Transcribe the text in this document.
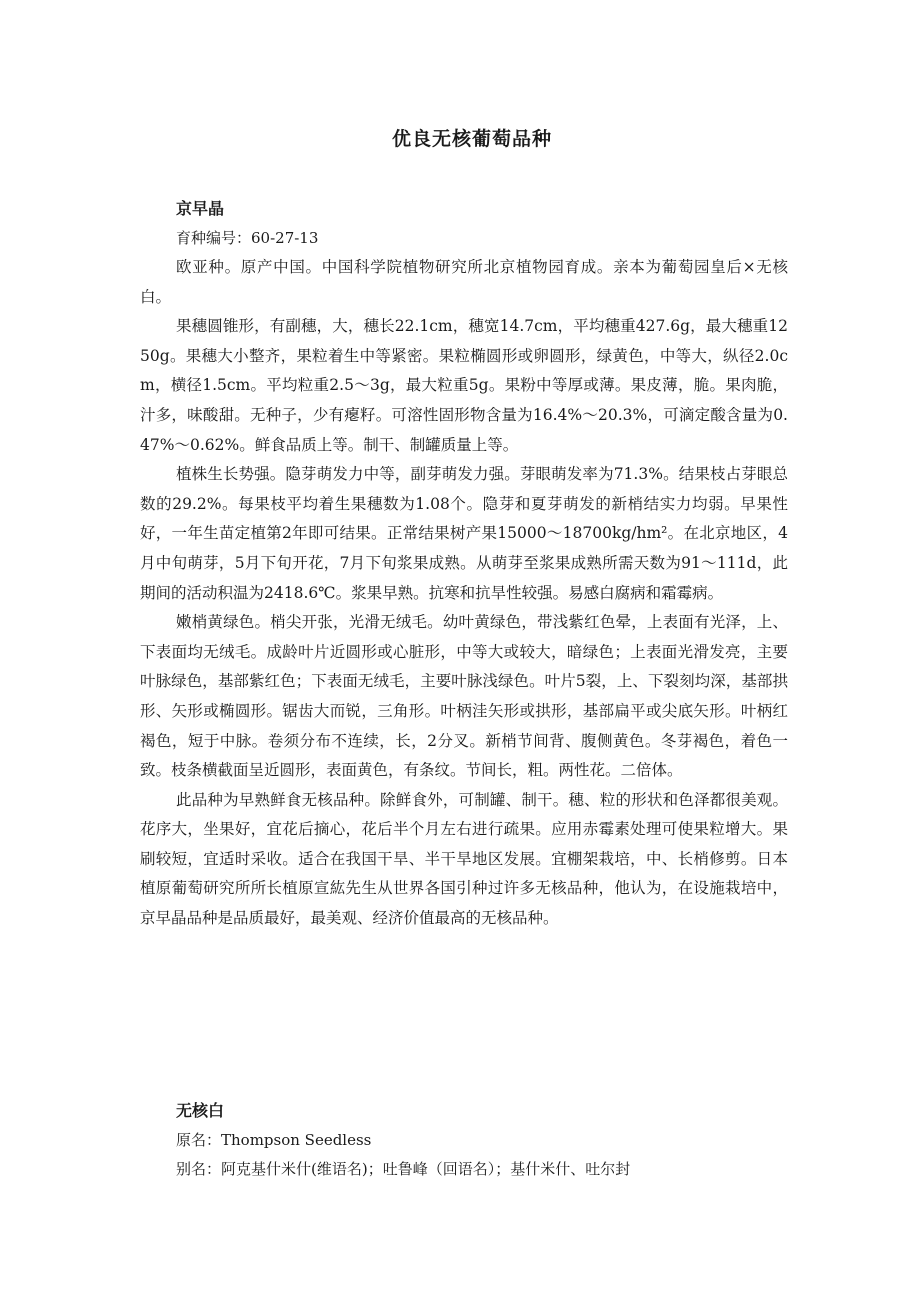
优良无核葡萄品种
京早晶
育种编号：60-27-13

欧亚种。原产中国。中国科学院植物研究所北京植物园育成。亲本为葡萄园皇后×无核白。

果穗圆锥形，有副穗，大，穗长22.1cm，穗宽14.7cm，平均穗重427.6g，最大穗重1250g。果穗大小整齐，果粒着生中等紧密。果粒椭圆形或卵圆形，绿黄色，中等大，纵径2.0cm，横径1.5cm。平均粒重2.5～3g，最大粒重5g。果粉中等厚或薄。果皮薄，脆。果肉脆，汁多，味酸甜。无种子，少有瘪籽。可溶性固形物含量为16.4%～20.3%，可滴定酸含量为0.47%～0.62%。鲜食品质上等。制干、制罐质量上等。

植株生长势强。隐芽萌发力中等，副芽萌发力强。芽眼萌发率为71.3%。结果枝占芽眼总数的29.2%。每果枝平均着生果穗数为1.08个。隐芽和夏芽萌发的新梢结实力均弱。早果性好，一年生苗定植第2年即可结果。正常结果树产果15000～18700kg/hm²。在北京地区，4月中旬萌芽，5月下旬开花，7月下旬浆果成熟。从萌芽至浆果成熟所需天数为91～111d，此期间的活动积温为2418.6℃。浆果早熟。抗寒和抗旱性较强。易感白腐病和霜霉病。

嫩梢黄绿色。梢尖开张，光滑无绒毛。幼叶黄绿色，带浅紫红色晕，上表面有光泽，上、下表面均无绒毛。成龄叶片近圆形或心脏形，中等大或较大，暗绿色；上表面光滑发亮，主要叶脉绿色，基部紫红色；下表面无绒毛，主要叶脉浅绿色。叶片5裂，上、下裂刻均深，基部拱形、矢形或椭圆形。锯齿大而锐，三角形。叶柄洼矢形或拱形，基部扁平或尖底矢形。叶柄红褐色，短于中脉。卷须分布不连续，长，2分叉。新梢节间背、腹侧黄色。冬芽褐色，着色一致。枝条横截面呈近圆形，表面黄色，有条纹。节间长，粗。两性花。二倍体。

此品种为早熟鲜食无核品种。除鲜食外，可制罐、制干。穗、粒的形状和色泽都很美观。花序大，坐果好，宜花后摘心，花后半个月左右进行疏果。应用赤霉素处理可使果粒增大。果刷较短，宜适时采收。适合在我国干旱、半干旱地区发展。宜棚架栽培，中、长梢修剪。日本植原葡萄研究所所长植原宣紘先生从世界各国引种过许多无核品种，他认为，在设施栽培中，京早晶品种是品质最好，最美观、经济价值最高的无核品种。

无核白
原名：Thompson Seedless
别名：阿克基什米什(维语名)；吐鲁峰（回语名）；基什米什、吐尔封
